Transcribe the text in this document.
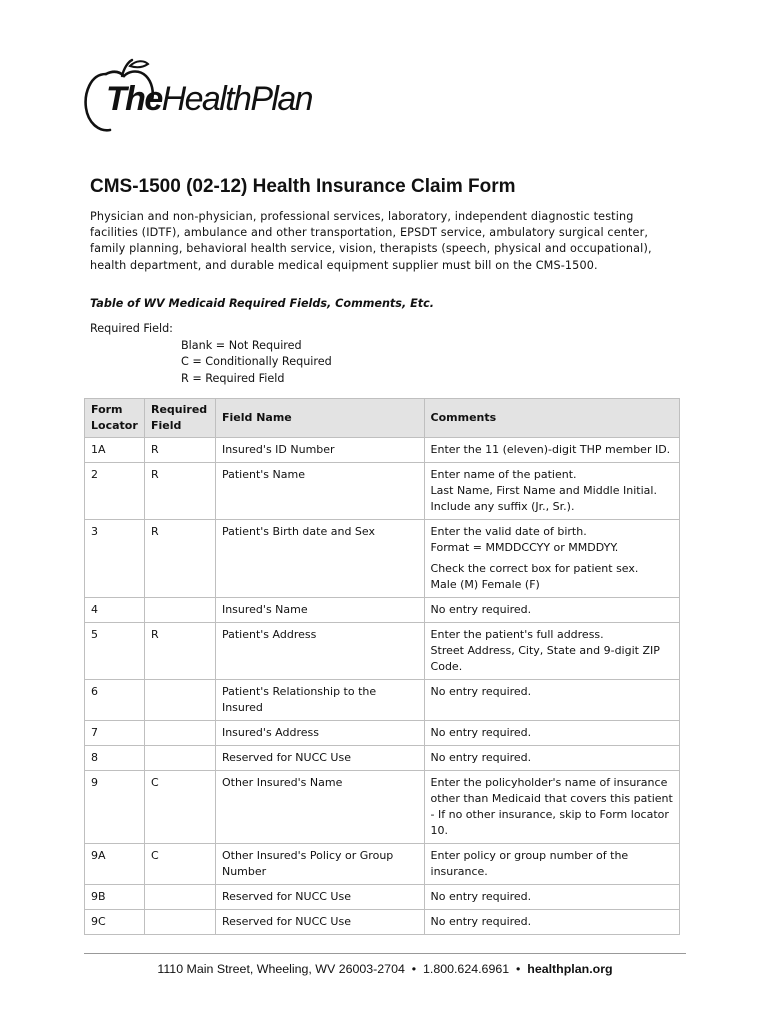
TheHealthPlan
CMS-1500 (02-12) Health Insurance Claim Form
Physician and non-physician, professional services, laboratory, independent diagnostic testing facilities (IDTF), ambulance and other transportation, EPSDT service, ambulatory surgical center, family planning, behavioral health service, vision, therapists (speech, physical and occupational), health department, and durable medical equipment supplier must bill on the CMS-1500.
Table of WV Medicaid Required Fields, Comments, Etc.
Required Field:
Blank = Not Required
C = Conditionally Required
R = Required Field
Form Locator	Required Field	Field Name	Comments
1A	R	Insured's ID Number	Enter the 11 (eleven)-digit THP member ID.

2	R	Patient's Name	Enter name of the patient.
Last Name, First Name and Middle Initial. Include any suffix (Jr., Sr.).

3	R	Patient's Birth date and Sex	Enter the valid date of birth.
Format = MMDDCCYY or MMDDYY.
Check the correct box for patient sex.
Male (M) Female (F)

4		Insured's Name	No entry required.

5	R	Patient's Address	Enter the patient's full address.
Street Address, City, State and 9-digit ZIP Code.

6		Patient's Relationship to the Insured	No entry required.

7		Insured's Address	No entry required.

8		Reserved for NUCC Use	No entry required.

9	C	Other Insured's Name	Enter the policyholder's name of insurance other than Medicaid that covers this patient - If no other insurance, skip to Form locator 10.

9A	C	Other Insured's Policy or Group Number	Enter policy or group number of the insurance.

9B		Reserved for NUCC Use	No entry required.

9C		Reserved for NUCC Use	No entry required.
1110 Main Street, Wheeling, WV 26003-2704 • 1.800.624.6961 • healthplan.org
